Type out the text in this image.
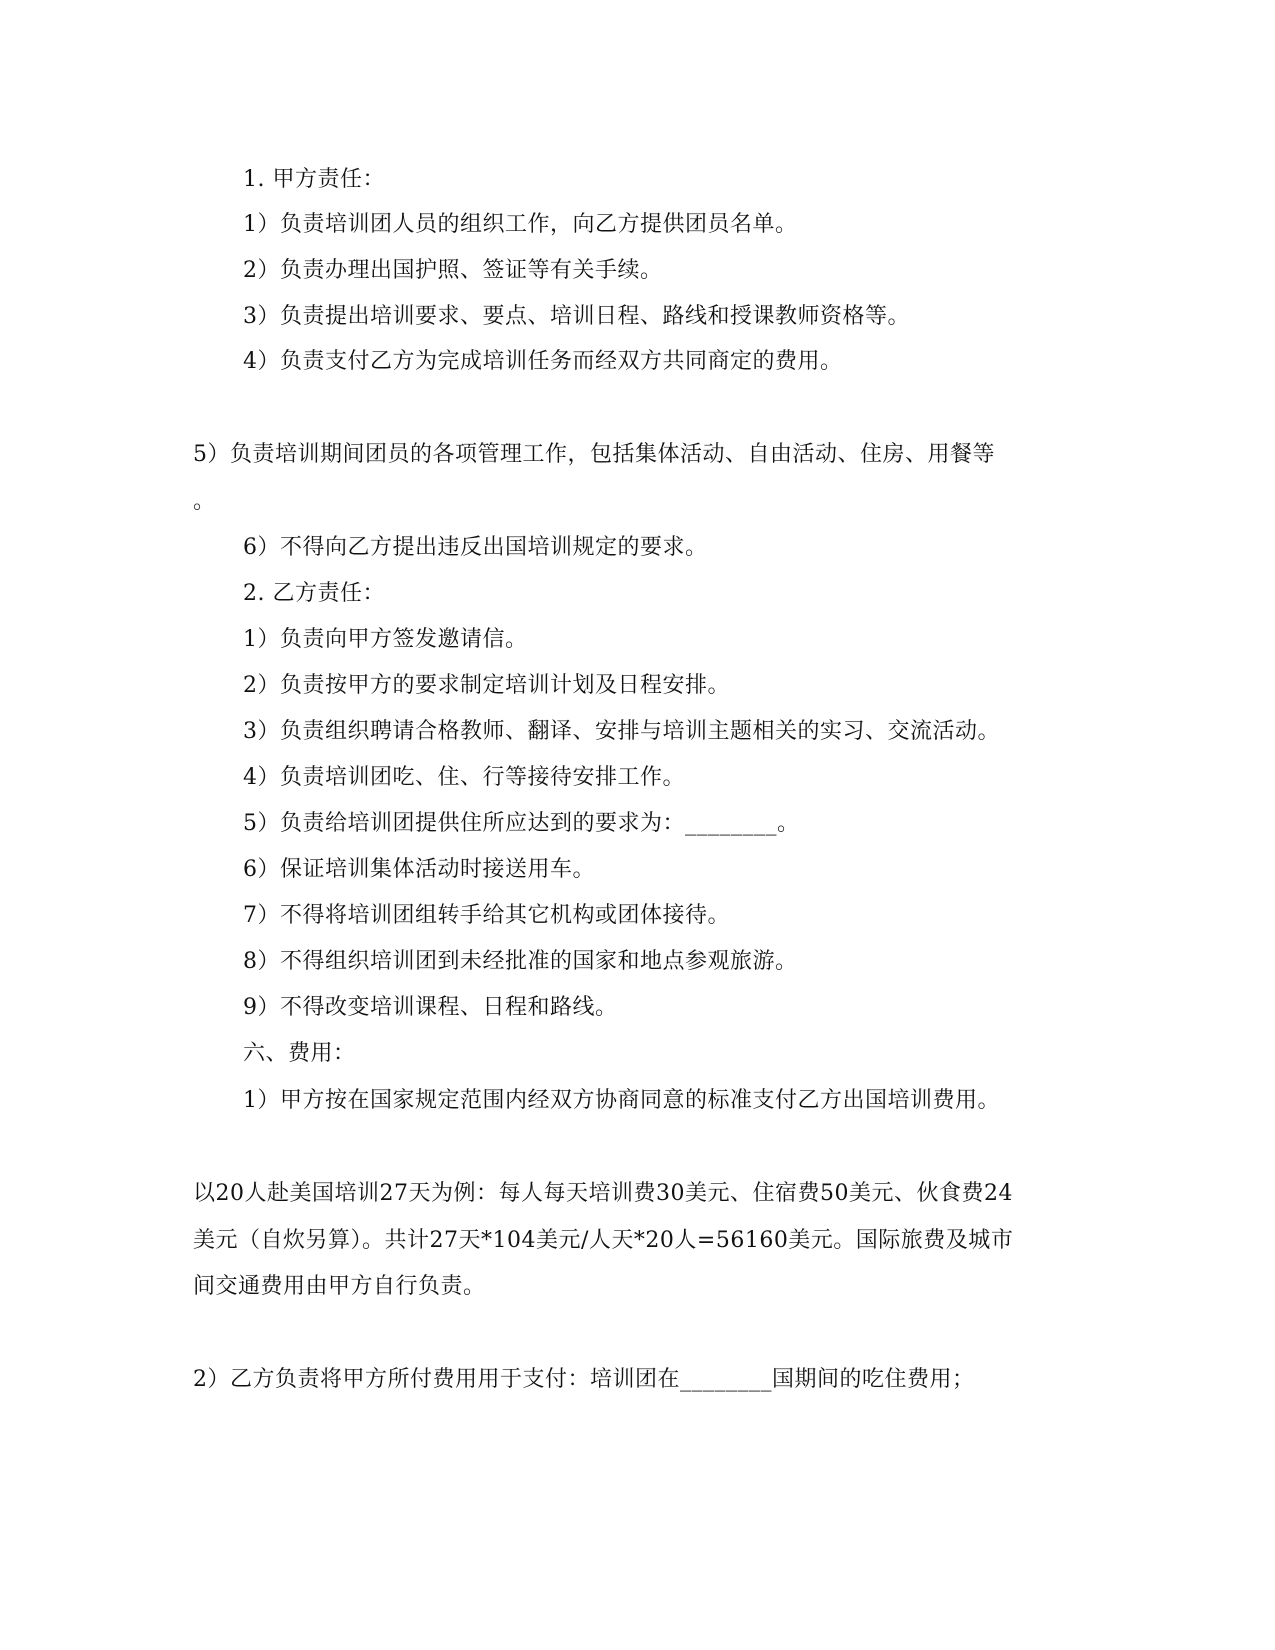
1. 甲方责任：

1）负责培训团人员的组织工作，向乙方提供团员名单。

2）负责办理出国护照、签证等有关手续。

3）负责提出培训要求、要点、培训日程、路线和授课教师资格等。

4）负责支付乙方为完成培训任务而经双方共同商定的费用。

5）负责培训期间团员的各项管理工作，包括集体活动、自由活动、住房、用餐等

。

6）不得向乙方提出违反出国培训规定的要求。

2. 乙方责任：

1）负责向甲方签发邀请信。

2）负责按甲方的要求制定培训计划及日程安排。

3）负责组织聘请合格教师、翻译、安排与培训主题相关的实习、交流活动。

4）负责培训团吃、住、行等接待安排工作。

5）负责给培训团提供住所应达到的要求为：________。

6）保证培训集体活动时接送用车。

7）不得将培训团组转手给其它机构或团体接待。

8）不得组织培训团到未经批准的国家和地点参观旅游。

9）不得改变培训课程、日程和路线。

六、费用：

1）甲方按在国家规定范围内经双方协商同意的标准支付乙方出国培训费用。

以20人赴美国培训27天为例：每人每天培训费30美元、住宿费50美元、伙食费24

美元（自炊另算）。共计27天*104美元/人天*20人=56160美元。国际旅费及城市

间交通费用由甲方自行负责。

2）乙方负责将甲方所付费用用于支付：培训团在________国期间的吃住费用；
